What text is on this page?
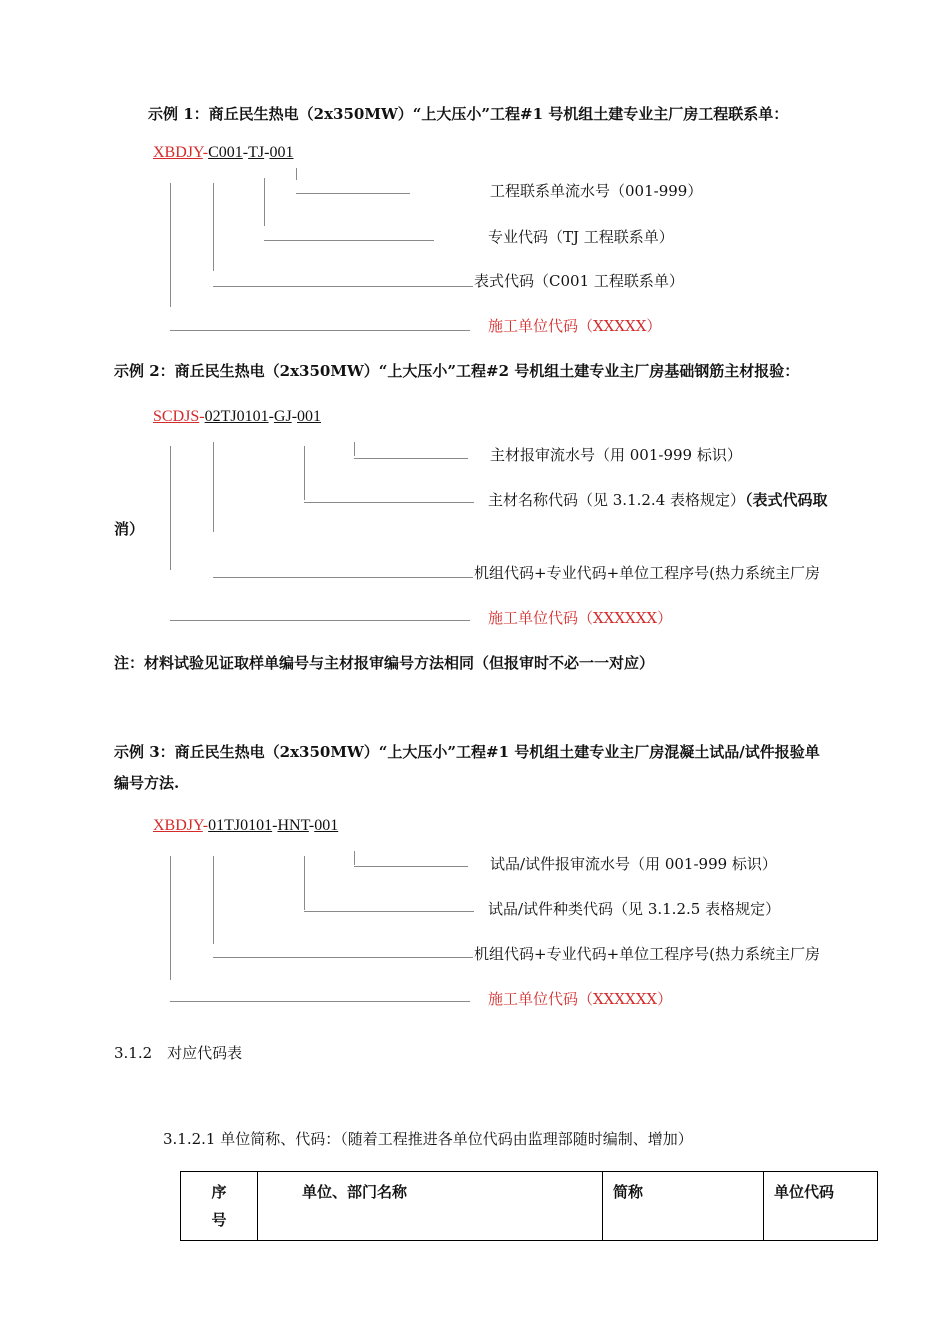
示例 1：商丘民生热电（2x350MW）“上大压小”工程#1 号机组土建专业主厂房工程联系单：
XBDJY-C001-TJ-001
工程联系单流水号（001-999）
专业代码（TJ 工程联系单）
表式代码（C001 工程联系单）
施工单位代码（XXXXX）
示例 2：商丘民生热电（2x350MW）“上大压小”工程#2 号机组土建专业主厂房基础钢筋主材报验：
SCDJS-02TJ0101-GJ-001
主材报审流水号（用 001-999 标识）
主材名称代码（见 3.1.2.4 表格规定）（表式代码取
消）
机组代码+专业代码+单位工程序号(热力系统主厂房
施工单位代码（XXXXXX）
注：材料试验见证取样单编号与主材报审编号方法相同（但报审时不必一一对应）
示例 3：商丘民生热电（2x350MW）“上大压小”工程#1 号机组土建专业主厂房混凝土试品/试件报验单
编号方法.
XBDJY-01TJ0101-HNT-001
试品/试件报审流水号（用 001-999 标识）
试品/试件种类代码（见 3.1.2.5 表格规定）
机组代码+专业代码+单位工程序号(热力系统主厂房
施工单位代码（XXXXXX）
3.1.2　对应代码表
3.1.2.1 单位简称、代码：（随着工程推进各单位代码由监理部随时编制、增加）
序
号	单位、部门名称	简称	单位代码
